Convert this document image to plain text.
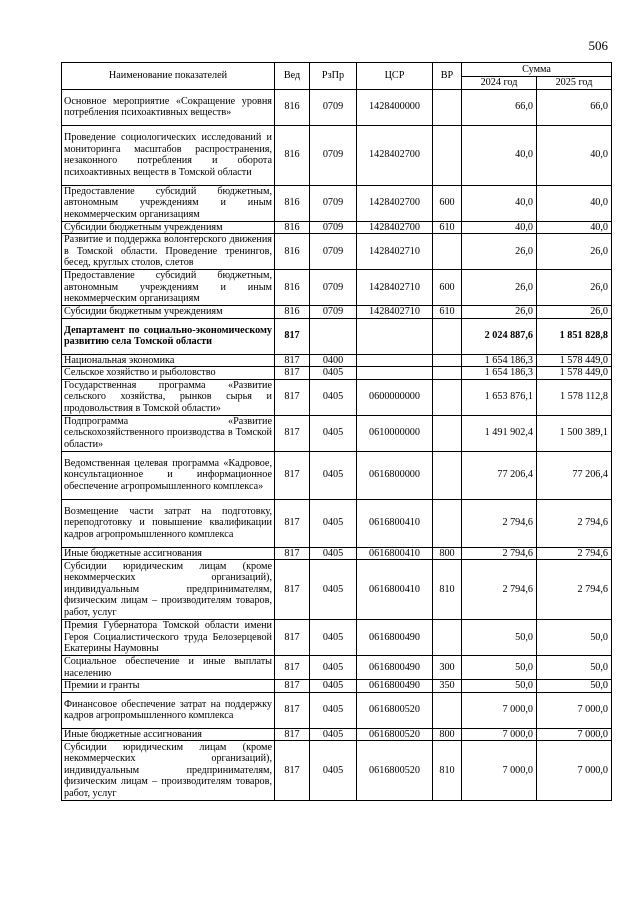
506
Наименование показателей	Вед	РзПр	ЦСР	ВР	Сумма	
					2024 год	2025 год
Основное мероприятие «Сокращение уровня потребления психоактивных веществ»	816	0709	1428400000		66,0	66,0
Проведение социологических исследований и мониторинга масштабов распространения, незаконного потребления и оборота психоактивных веществ в Томской области	816	0709	1428402700		40,0	40,0
Предоставление субсидий бюджетным, автономным учреждениям и иным некоммерческим организациям	816	0709	1428402700	600	40,0	40,0
Субсидии бюджетным учреждениям	816	0709	1428402700	610	40,0	40,0
Развитие и поддержка волонтерского движения в Томской области. Проведение тренингов, бесед, круглых столов, слетов	816	0709	1428402710		26,0	26,0
Предоставление субсидий бюджетным, автономным учреждениям и иным некоммерческим организациям	816	0709	1428402710	600	26,0	26,0
Субсидии бюджетным учреждениям	816	0709	1428402710	610	26,0	26,0
Департамент по социально-экономическому развитию села Томской области	817				2 024 887,6	1 851 828,8
Национальная экономика	817	0400			1 654 186,3	1 578 449,0
Сельское хозяйство и рыболовство	817	0405			1 654 186,3	1 578 449,0
Государственная программа «Развитие сельского хозяйства, рынков сырья и продовольствия в Томской области»	817	0405	0600000000		1 653 876,1	1 578 112,8
Подпрограмма «Развитие сельскохозяйственного производства в Томской области»	817	0405	0610000000		1 491 902,4	1 500 389,1
Ведомственная целевая программа «Кадровое, консультационное и информационное обеспечение агропромышленного комплекса»	817	0405	0616800000		77 206,4	77 206,4
Возмещение части затрат на подготовку, переподготовку и повышение квалификации кадров агропромышленного комплекса	817	0405	0616800410		2 794,6	2 794,6
Иные бюджетные ассигнования	817	0405	0616800410	800	2 794,6	2 794,6
Субсидии юридическим лицам (кроме некоммерческих организаций), индивидуальным предпринимателям, физическим лицам – производителям товаров, работ, услуг	817	0405	0616800410	810	2 794,6	2 794,6
Премия Губернатора Томской области имени Героя Социалистического труда Белозерцевой Екатерины Наумовны	817	0405	0616800490		50,0	50,0
Социальное обеспечение и иные выплаты населению	817	0405	0616800490	300	50,0	50,0
Премии и гранты	817	0405	0616800490	350	50,0	50,0
Финансовое обеспечение затрат на поддержку кадров агропромышленного комплекса	817	0405	0616800520		7 000,0	7 000,0
Иные бюджетные ассигнования	817	0405	0616800520	800	7 000,0	7 000,0
Субсидии юридическим лицам (кроме некоммерческих организаций), индивидуальным предпринимателям, физическим лицам – производителям товаров, работ, услуг	817	0405	0616800520	810	7 000,0	7 000,0
